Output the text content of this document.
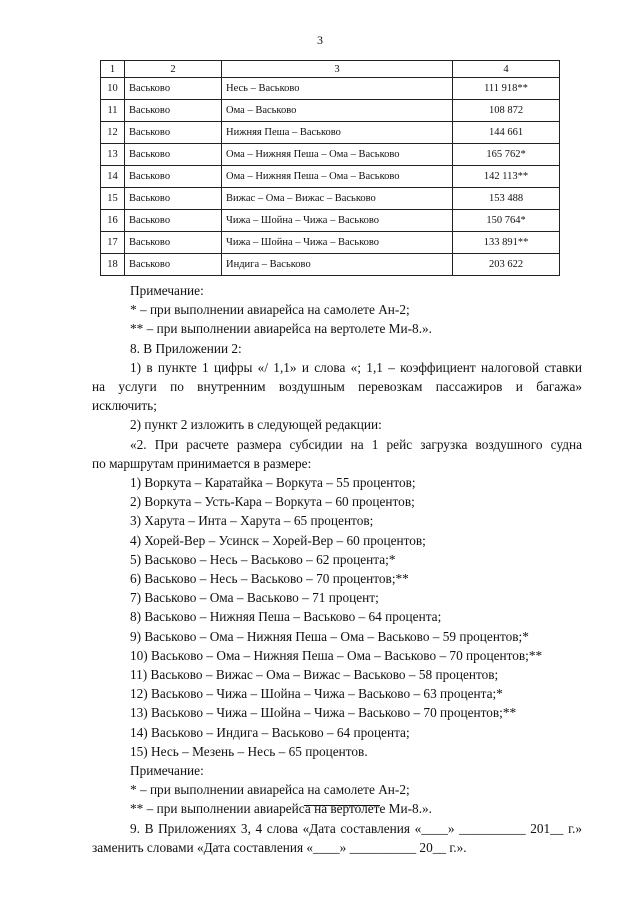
3
1	2	3	4
10	Васьково	Несь – Васьково	111 918**
11	Васьково	Ома – Васьково	108 872
12	Васьково	Нижняя Пеша – Васьково	144 661
13	Васьково	Ома – Нижняя Пеша – Ома – Васьково	165 762*
14	Васьково	Ома – Нижняя Пеша – Ома – Васьково	142 113**
15	Васьково	Вижас – Ома – Вижас – Васьково	153 488
16	Васьково	Чижа – Шойна – Чижа – Васьково	150 764*
17	Васьково	Чижа – Шойна – Чижа – Васьково	133 891**
18	Васьково	Индига – Васьково	203 622

Примечание:

* – при выполнении авиарейса на самолете Ан-2;

** – при выполнении авиарейса на вертолете Ми-8.».

8. В Приложении 2:

1) в пункте 1 цифры «/ 1,1» и слова «; 1,1 – коэффициент налоговой ставки

на услуги по внутренним воздушным перевозкам пассажиров и багажа»

исключить;

2) пункт 2 изложить в следующей редакции:

«2. При расчете размера субсидии на 1 рейс загрузка воздушного судна

по маршрутам принимается в размере:

1) Воркута – Каратайка – Воркута – 55 процентов;

2) Воркута – Усть-Кара – Воркута – 60 процентов;

3) Харута – Инта – Харута – 65 процентов;

4) Хорей-Вер – Усинск – Хорей-Вер – 60 процентов;

5) Васьково – Несь – Васьково – 62 процента;*

6) Васьково – Несь – Васьково – 70 процентов;**

7) Васьково – Ома – Васьково – 71 процент;

8) Васьково – Нижняя Пеша – Васьково – 64 процента;

9) Васьково – Ома – Нижняя Пеша – Ома – Васьково – 59 процентов;*

10) Васьково – Ома – Нижняя Пеша – Ома – Васьково – 70 процентов;**

11) Васьково – Вижас – Ома – Вижас – Васьково – 58 процентов;

12) Васьково – Чижа – Шойна – Чижа – Васьково – 63 процента;*

13) Васьково – Чижа – Шойна – Чижа – Васьково – 70 процентов;**

14) Васьково – Индига – Васьково – 64 процента;

15) Несь – Мезень – Несь – 65 процентов.

Примечание:

* – при выполнении авиарейса на самолете Ан-2;

** – при выполнении авиарейса на вертолете Ми-8.».

9. В Приложениях 3, 4 слова «Дата составления «____» __________ 201__ г.»

заменить словами «Дата составления «____» __________ 20__ г.».
